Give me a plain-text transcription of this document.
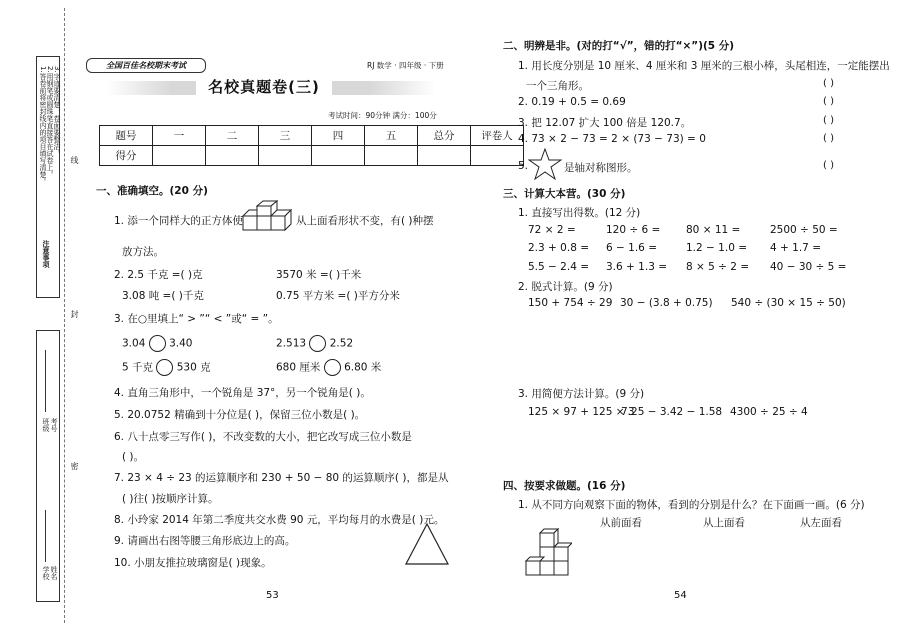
注意事项
1.答卷前将密封线内的项目填写清楚。 2.用钢笔或圆珠笔直接答在试卷上。 3.字迹要清楚，卷面要整洁。
线
封
密
学校 姓名
班级 考号
全国百佳名校期末考试	RJ 数学 · 四年级 · 下册
名校真题卷(三)
考试时间：90分钟 满分：100分
题号	一	二	三	四	五	总分	评卷人
得分							
一、准确填空。(20 分)
1. 添一个同样大的正方体使	从上面看形状不变，有( )种摆
放方法。
2. 2.5 千克 =( )克	3570 米 =( )千米
3.08 吨 =( )千克	0.75 平方米 =( )平方分米
3. 在○里填上“ > ”“ < ”或“ = ”。
3.04 3.40	2.513 2.52
5 千克 530 克	680 厘米 6.80 米
4. 直角三角形中，一个锐角是 37°，另一个锐角是( )。
5. 20.0752 精确到十分位是( )，保留三位小数是( )。
6. 八十点零三写作( )，不改变数的大小，把它改写成三位小数是
( )。
7. 23 × 4 ÷ 23 的运算顺序和 230 + 50 − 80 的运算顺序( )，都是从
( )往( )按顺序计算。
8. 小玲家 2014 年第二季度共交水费 90 元，平均每月的水费是( )元。
9. 请画出右图等腰三角形底边上的高。
10. 小朋友推拉玻璃窗是( )现象。
53
二、明辨是非。(对的打“√”，错的打“×”)(5 分)
1. 用长度分别是 10 厘米、4 厘米和 3 厘米的三根小棒，头尾相连，一定能摆出
一个三角形。	( )
2. 0.19 + 0.5 = 0.69	( )
3. 把 12.07 扩大 100 倍是 120.7。	( )
4. 73 × 2 − 73 = 2 × (73 − 73) = 0	( )
5.	是轴对称图形。	( )
三、计算大本营。(30 分)
1. 直接写出得数。(12 分)
72 × 2 =	120 ÷ 6 = 80 × 11 =	2500 ÷ 50 =
2.3 + 0.8 = 6 − 1.6 =	1.2 − 1.0 = 4 + 1.7 =
5.5 − 2.4 = 3.6 + 1.3 = 8 × 5 ÷ 2 = 40 − 30 ÷ 5 =
2. 脱式计算。(9 分)
150 + 754 ÷ 29 30 − (3.8 + 0.75) 540 ÷ (30 × 15 ÷ 50)
3. 用简便方法计算。(9 分)
125 × 97 + 125 × 3
7.25 − 3.42 − 1.58 4300 ÷ 25 ÷ 4
四、按要求做题。(16 分)
1. 从不同方向观察下面的物体，看到的分别是什么？在下面画一画。(6 分)
从前面看	从上面看	从左面看
54
